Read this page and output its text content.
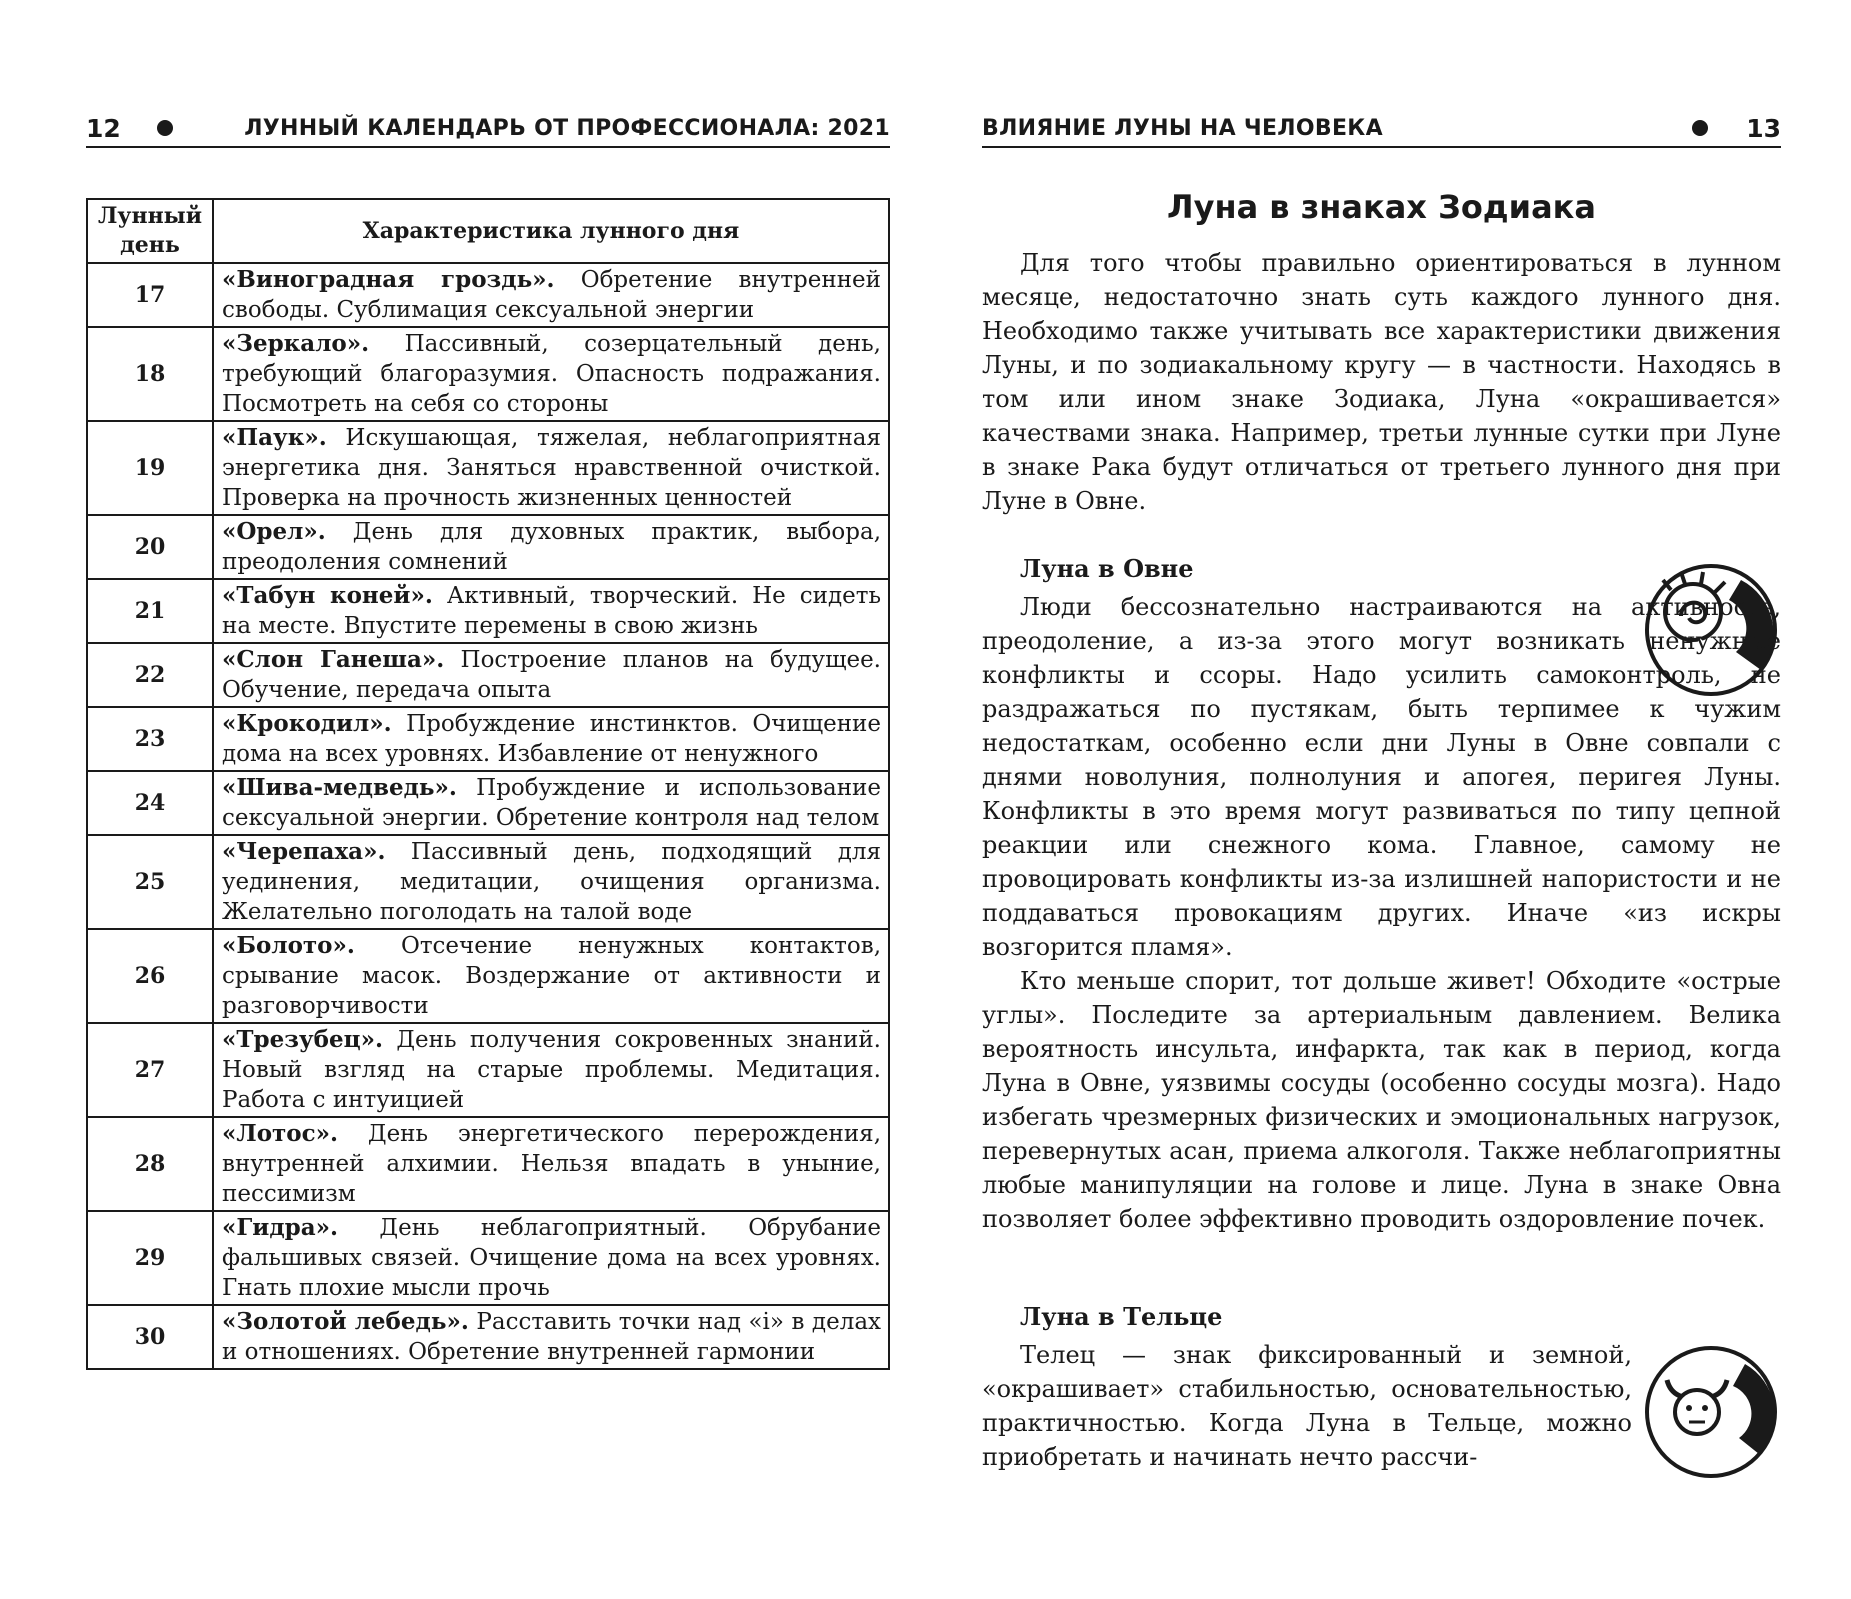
12	ЛУННЫЙ КАЛЕНДАРЬ ОТ ПРОФЕССИОНАЛА: 2021
Лунный день	Характеристика лунного дня
17	«Виноградная гроздь». Обретение внутренней свободы. Сублимация сексуальной энергии
18	«Зеркало». Пассивный, созерцательный день, требующий благоразумия. Опасность подражания. Посмотреть на себя со стороны
19	«Паук». Искушающая, тяжелая, неблагоприятная энергетика дня. Заняться нравственной очисткой. Проверка на прочность жизненных ценностей
20	«Орел». День для духовных практик, выбора, преодоления сомнений
21	«Табун коней». Активный, творческий. Не сидеть на месте. Впустите перемены в свою жизнь
22	«Слон Ганеша». Построение планов на будущее. Обучение, передача опыта
23	«Крокодил». Пробуждение инстинктов. Очищение дома на всех уровнях. Избавление от ненужного
24	«Шива-медведь». Пробуждение и использование сексуальной энергии. Обретение контроля над телом
25	«Черепаха». Пассивный день, подходящий для уединения, медитации, очищения организма. Желательно поголодать на талой воде
26	«Болото». Отсечение ненужных контактов, срывание масок. Воздержание от активности и разговорчивости
27	«Трезубец». День получения сокровенных знаний. Новый взгляд на старые проблемы. Медитация. Работа с интуицией
28	«Лотос». День энергетического перерождения, внутренней алхимии. Нельзя впадать в уныние, пессимизм
29	«Гидра». День неблагоприятный. Обрубание фальшивых связей. Очищение дома на всех уровнях. Гнать плохие мысли прочь
30	«Золотой лебедь». Расставить точки над «i» в делах и отношениях. Обретение внутренней гармонии
ВЛИЯНИЕ ЛУНЫ НА ЧЕЛОВЕКА	13
Луна в знаках Зодиака

Для того чтобы правильно ориентироваться в лунном месяце, недостаточно знать суть каждого лунного дня. Необходимо также учитывать все характеристики движения Луны, и по зодиакальному кругу — в частности. Находясь в том или ином знаке Зодиака, Луна «окрашивается» качествами знака. Например, третьи лунные сутки при Луне в знаке Рака будут отличаться от третьего лунного дня при Луне в Овне.

Луна в Овне

Люди бессознательно настраиваются на активность, преодоление, а из-за этого могут возникать ненужные конфликты и ссоры. Надо усилить самоконтроль, не раздражаться по пустякам, быть терпимее к чужим недостаткам, особенно если дни Луны в Овне совпали с днями новолуния, полнолуния и апогея, перигея Луны. Конфликты в это время могут развиваться по типу цепной реакции или снежного кома. Главное, самому не провоцировать конфликты из-за излишней напористости и не поддаваться провокациям других. Иначе «из искры возгорится пламя».

Кто меньше спорит, тот дольше живет! Обходите «острые углы». Последите за артериальным давлением. Велика вероятность инсульта, инфаркта, так как в период, когда Луна в Овне, уязвимы сосуды (особенно сосуды мозга). Надо избегать чрезмерных физических и эмоциональных нагрузок, перевернутых асан, приема алкоголя. Также неблагоприятны любые манипуляции на голове и лице. Луна в знаке Овна позволяет более эффективно проводить оздоровление почек.

Луна в Тельце

Телец — знак фиксированный и земной, «окрашивает» стабильностью, основательностью, практичностью. Когда Луна в Тельце, можно приобретать и начинать нечто рассчи-
